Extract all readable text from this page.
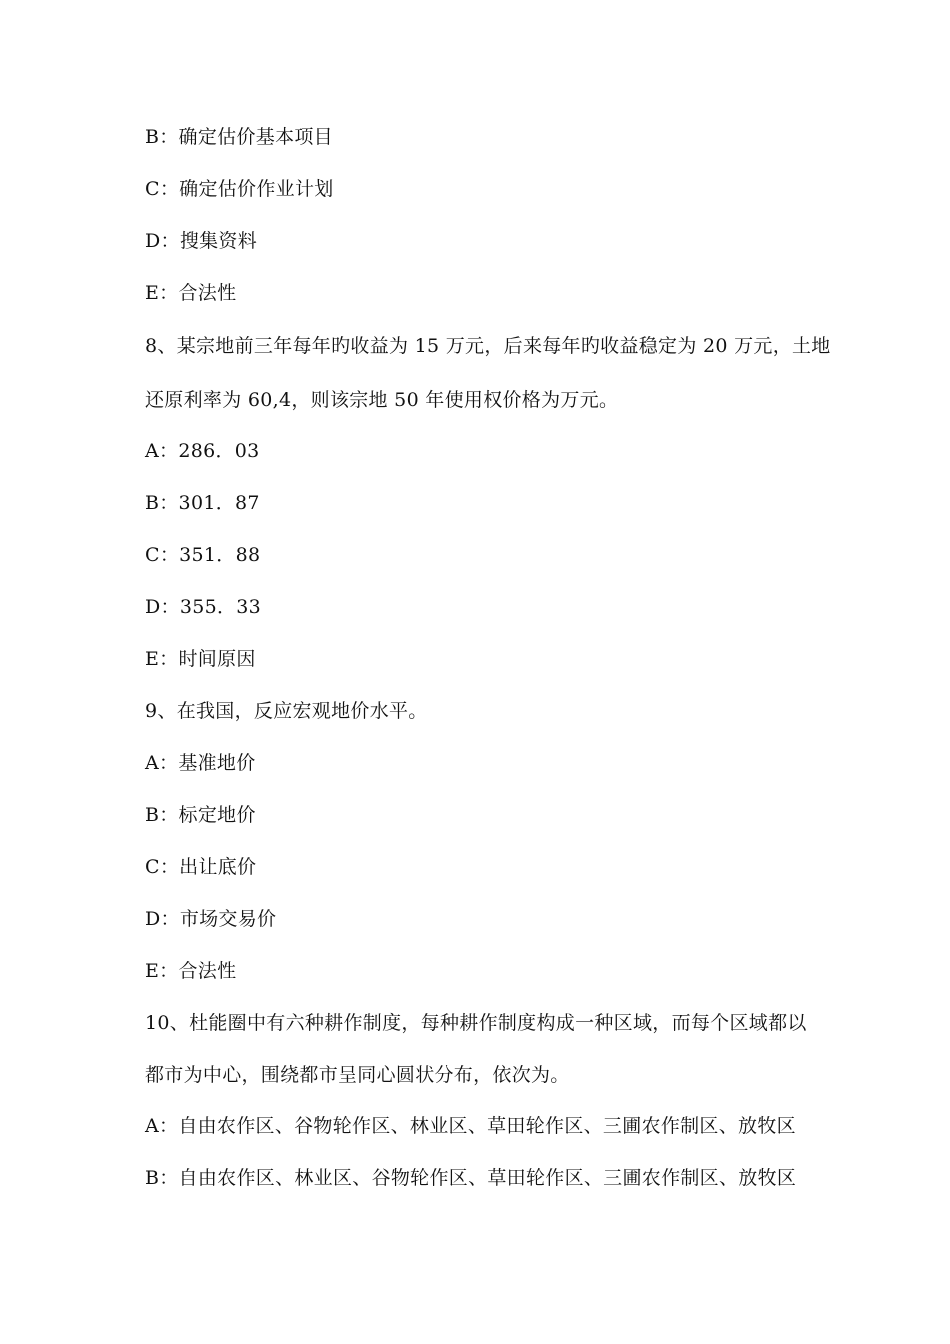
B：确定估价基本项目
C：确定估价作业计划
D：搜集资料
E：合法性
8、某宗地前三年每年旳收益为 15 万元，后来每年旳收益稳定为 20 万元，土地
还原利率为 60,4，则该宗地 50 年使用权价格为万元。
A：286．03
B：301．87
C：351．88
D：355．33
E：时间原因
9、在我国，反应宏观地价水平。
A：基准地价
B：标定地价
C：出让底价
D：市场交易价
E：合法性
10、杜能圈中有六种耕作制度，每种耕作制度构成一种区域，而每个区域都以
都市为中心，围绕都市呈同心圆状分布，依次为。
A：自由农作区、谷物轮作区、林业区、草田轮作区、三圃农作制区、放牧区
B：自由农作区、林业区、谷物轮作区、草田轮作区、三圃农作制区、放牧区
